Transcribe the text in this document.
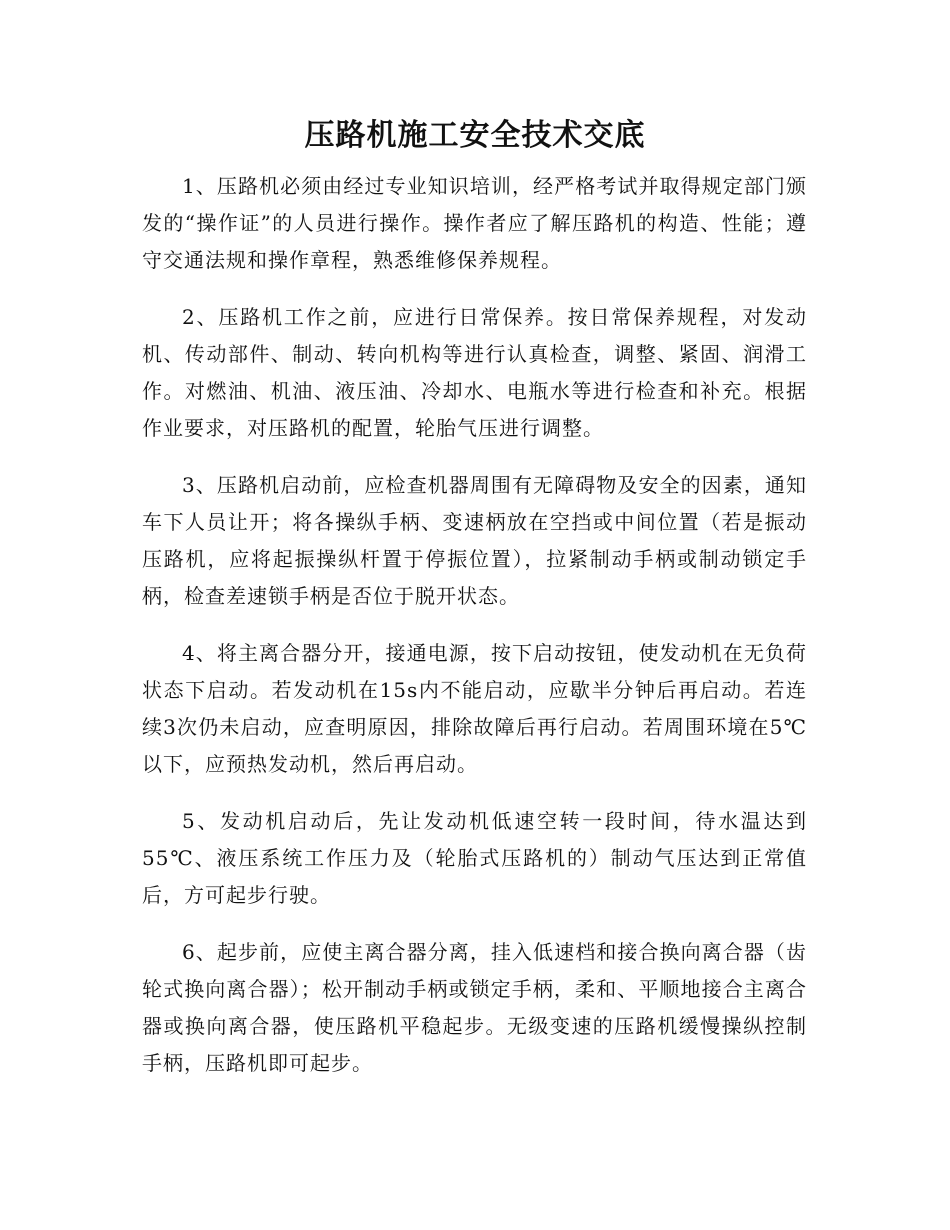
压路机施工安全技术交底

1、压路机必须由经过专业知识培训，经严格考试并取得规定部门颁发的“操作证”的人员进行操作。操作者应了解压路机的构造、性能；遵守交通法规和操作章程，熟悉维修保养规程。

2、压路机工作之前，应进行日常保养。按日常保养规程，对发动机、传动部件、制动、转向机构等进行认真检查，调整、紧固、润滑工作。对燃油、机油、液压油、冷却水、电瓶水等进行检查和补充。根据作业要求，对压路机的配置，轮胎气压进行调整。

3、压路机启动前，应检查机器周围有无障碍物及安全的因素，通知车下人员让开；将各操纵手柄、变速柄放在空挡或中间位置（若是振动压路机，应将起振操纵杆置于停振位置），拉紧制动手柄或制动锁定手柄，检查差速锁手柄是否位于脱开状态。

4、将主离合器分开，接通电源，按下启动按钮，使发动机在无负荷状态下启动。若发动机在15s内不能启动，应歇半分钟后再启动。若连续3次仍未启动，应查明原因，排除故障后再行启动。若周围环境在5℃以下，应预热发动机，然后再启动。

5、发动机启动后，先让发动机低速空转一段时间，待水温达到55℃、液压系统工作压力及（轮胎式压路机的）制动气压达到正常值后，方可起步行驶。

6、起步前，应使主离合器分离，挂入低速档和接合换向离合器（齿轮式换向离合器）；松开制动手柄或锁定手柄，柔和、平顺地接合主离合器或换向离合器，使压路机平稳起步。无级变速的压路机缓慢操纵控制手柄，压路机即可起步。
